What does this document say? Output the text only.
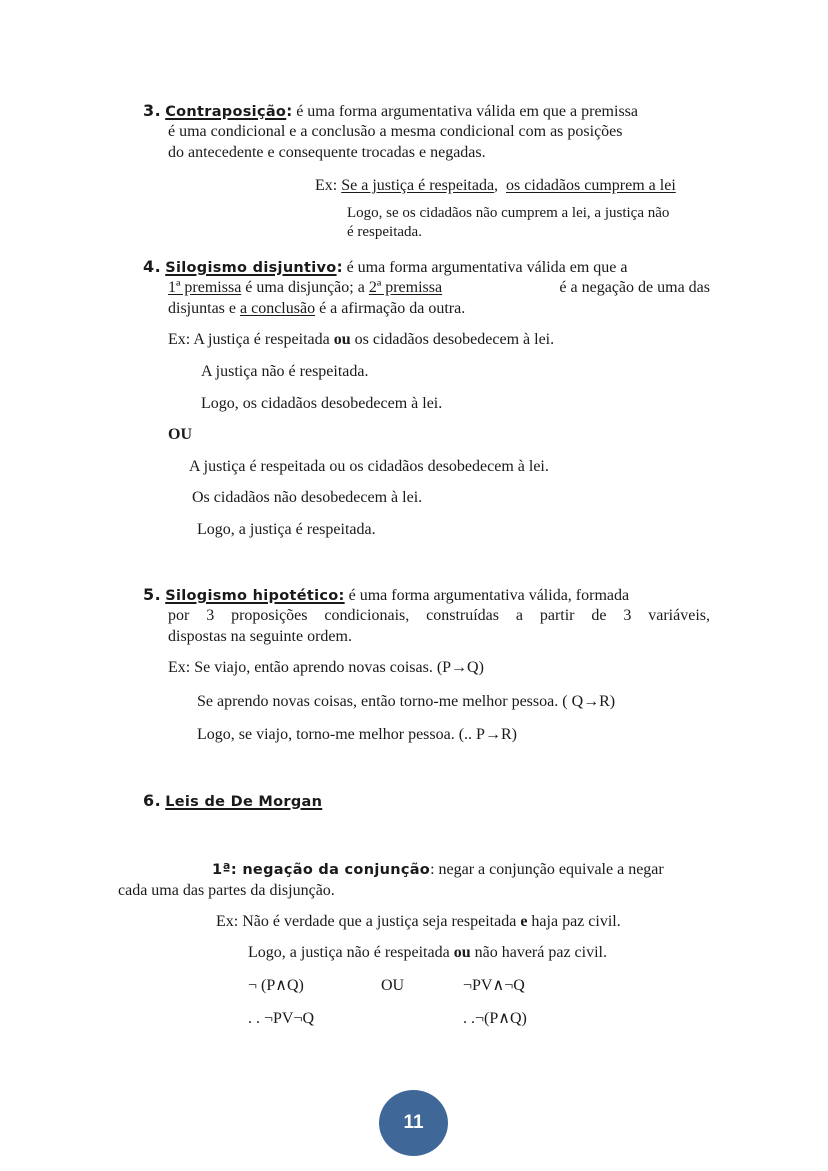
3. Contraposição: é uma forma argumentativa válida em que a premissa
é uma condicional e a conclusão a mesma condicional com as posições
do antecedente e consequente trocadas e negadas.
Ex: Se a justiça é respeitada,  os cidadãos cumprem a lei
Logo, se os cidadãos não cumprem a lei, a justiça não
é respeitada.
4. Silogismo disjuntivo: é uma forma argumentativa válida em que a
1ª premissa é uma disjunção; a 2ª premissa	é a negação de uma das
disjuntas e a conclusão é a afirmação da outra.
Ex: A justiça é respeitada ou os cidadãos desobedecem à lei.
A justiça não é respeitada.
Logo, os cidadãos desobedecem à lei.
OU
A justiça é respeitada ou os cidadãos desobedecem à lei.
Os cidadãos não desobedecem à lei.
Logo, a justiça é respeitada.
5. Silogismo hipotético: é uma forma argumentativa válida, formada
por 3 proposições condicionais, construídas a partir de 3 variáveis,
dispostas na seguinte ordem.
Ex: Se viajo, então aprendo novas coisas. (P→Q)
Se aprendo novas coisas, então torno-me melhor pessoa. ( Q→R)
Logo, se viajo, torno-me melhor pessoa. (.. P→R)
6. Leis de De Morgan
1ª: negação da conjunção: negar a conjunção equivale a negar
cada uma das partes da disjunção.
Ex: Não é verdade que a justiça seja respeitada e haja paz civil.
Logo, a justiça não é respeitada ou não haverá paz civil.
¬ (P∧Q)	OU	¬PV∧¬Q
. . ¬PV¬Q	. .¬(P∧Q)
11
